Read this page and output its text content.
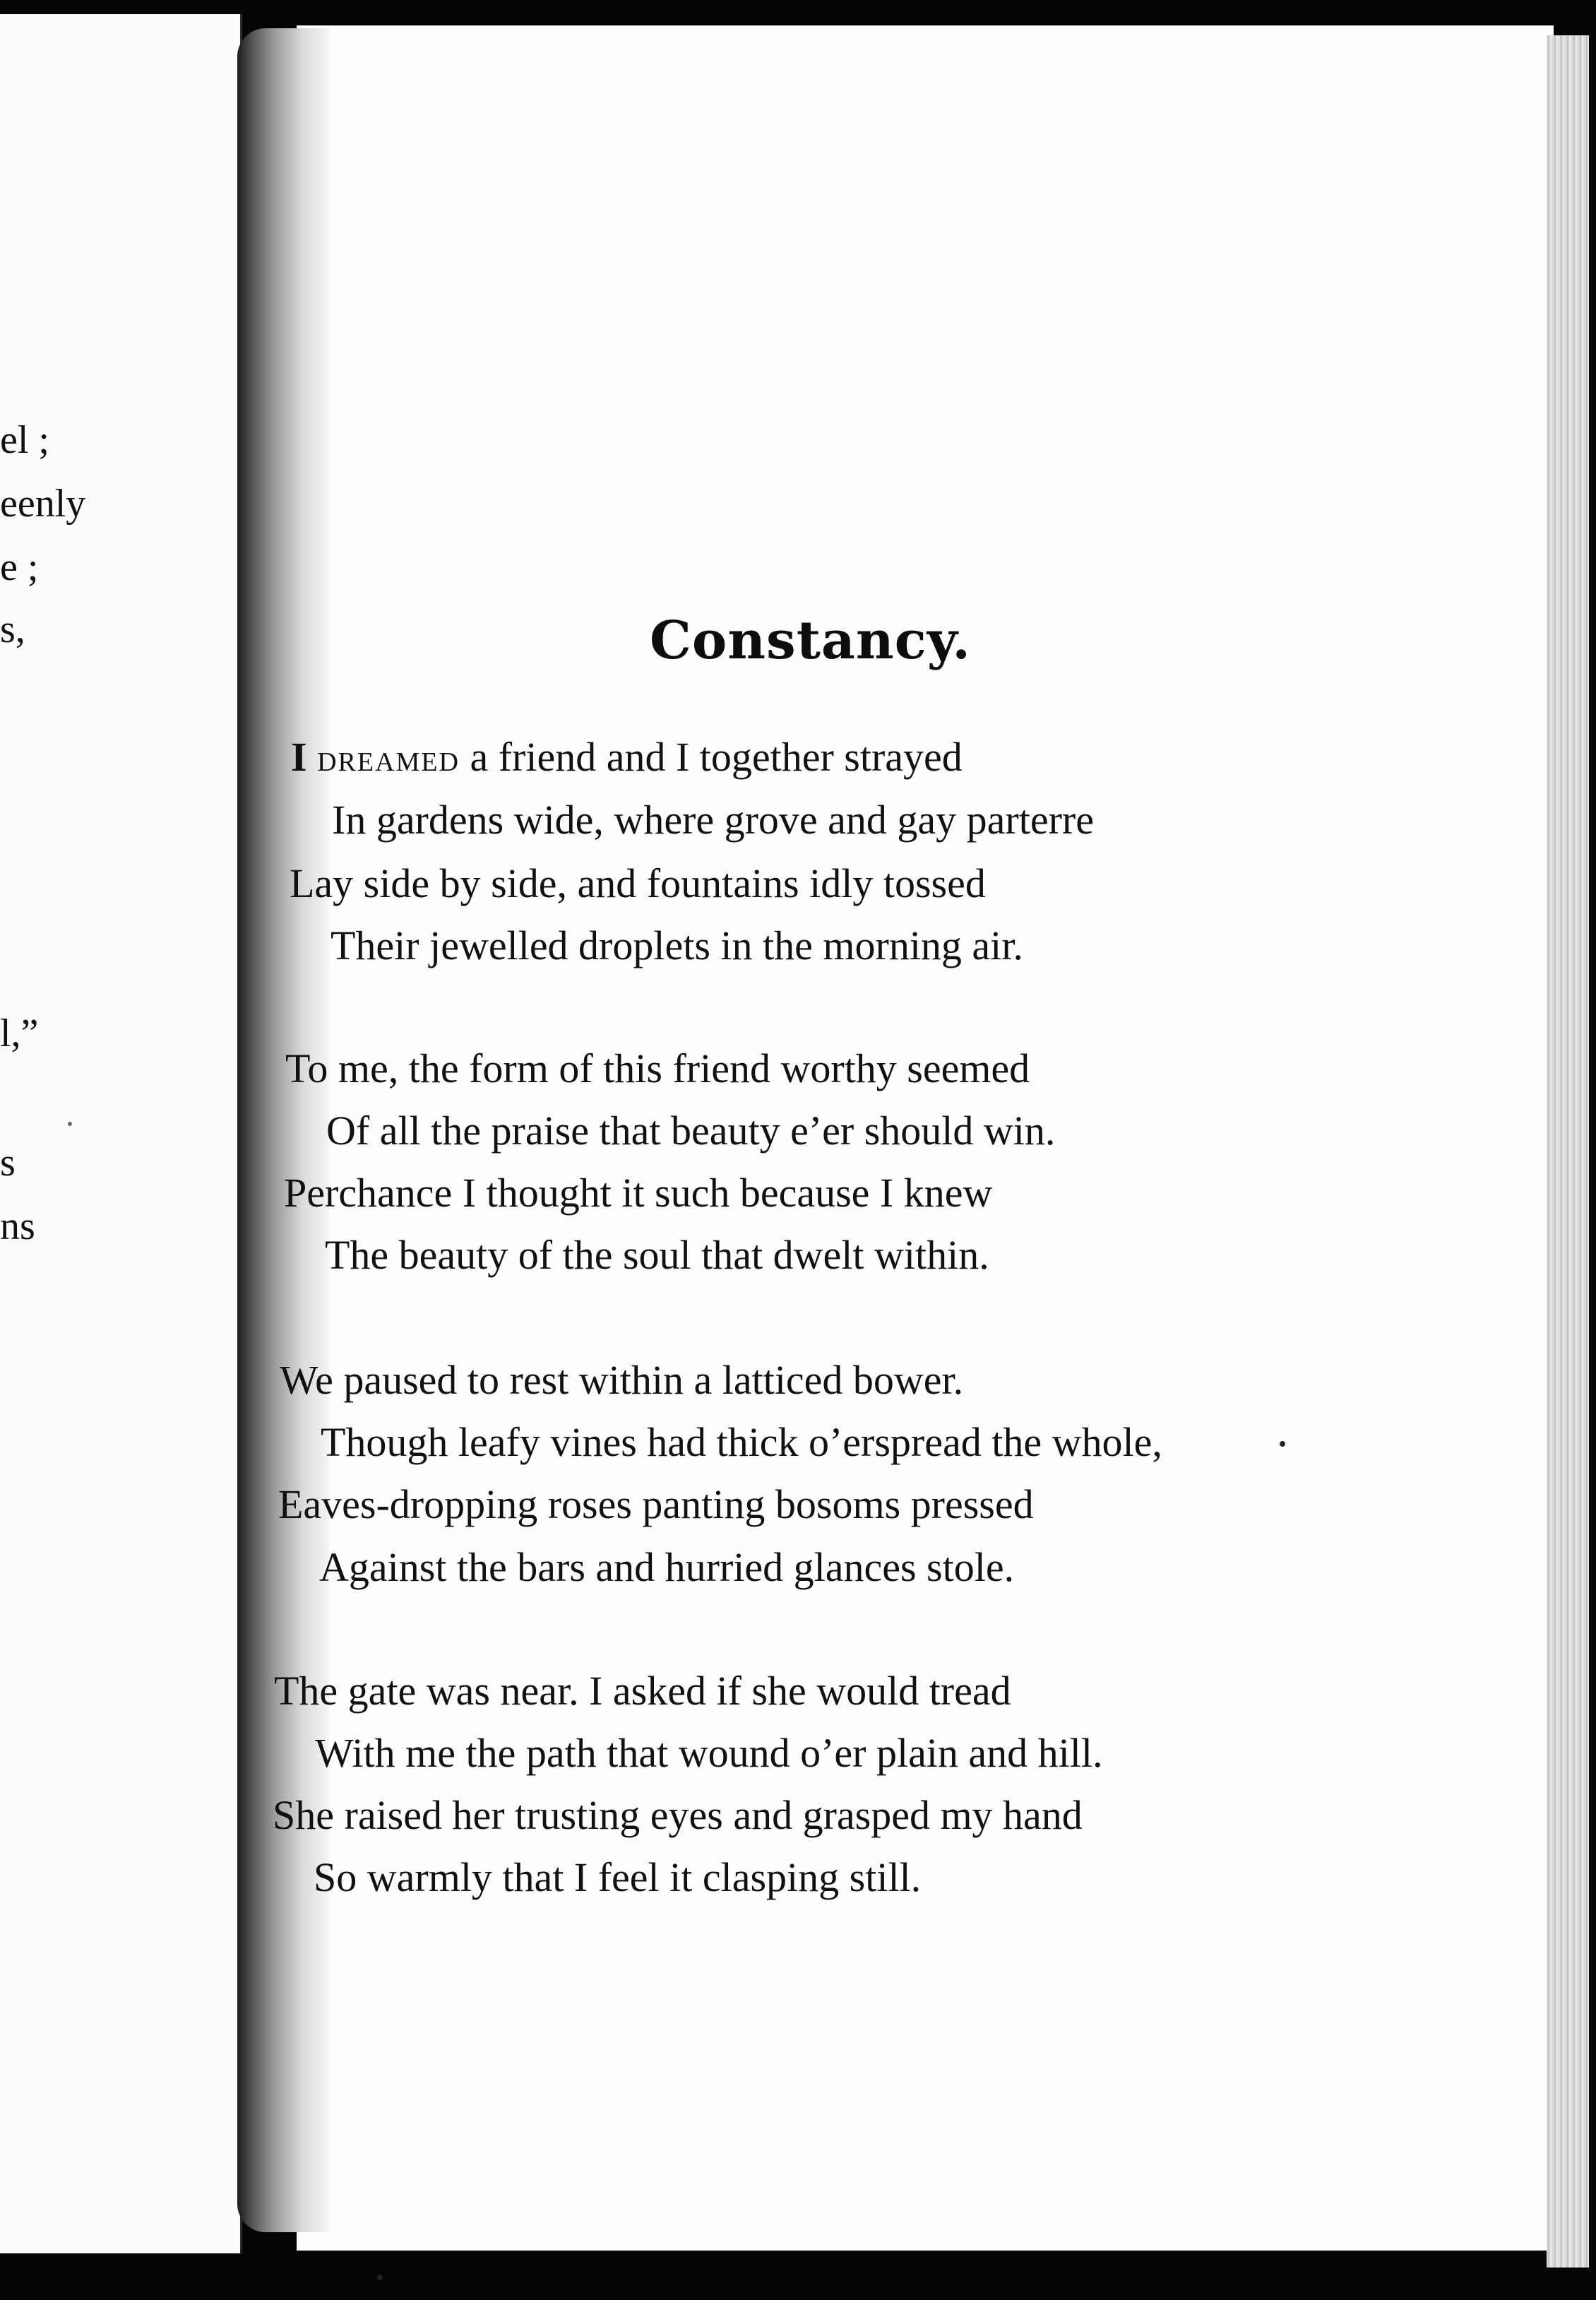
el ;
eenly
e ;
s,
l,”
s
ns
Constancy.
I dreamed a friend and I together strayed
In gardens wide, where grove and gay parterre
Lay side by side, and fountains idly tossed
Their jewelled droplets in the morning air.
To me, the form of this friend worthy seemed
Of all the praise that beauty e’er should win.
Perchance I thought it such because I knew
The beauty of the soul that dwelt within.
We paused to rest within a latticed bower.
Though leafy vines had thick o’erspread the whole,
Eaves-dropping roses panting bosoms pressed
Against the bars and hurried glances stole.
The gate was near. I asked if she would tread
With me the path that wound o’er plain and hill.
She raised her trusting eyes and grasped my hand
So warmly that I feel it clasping still.
